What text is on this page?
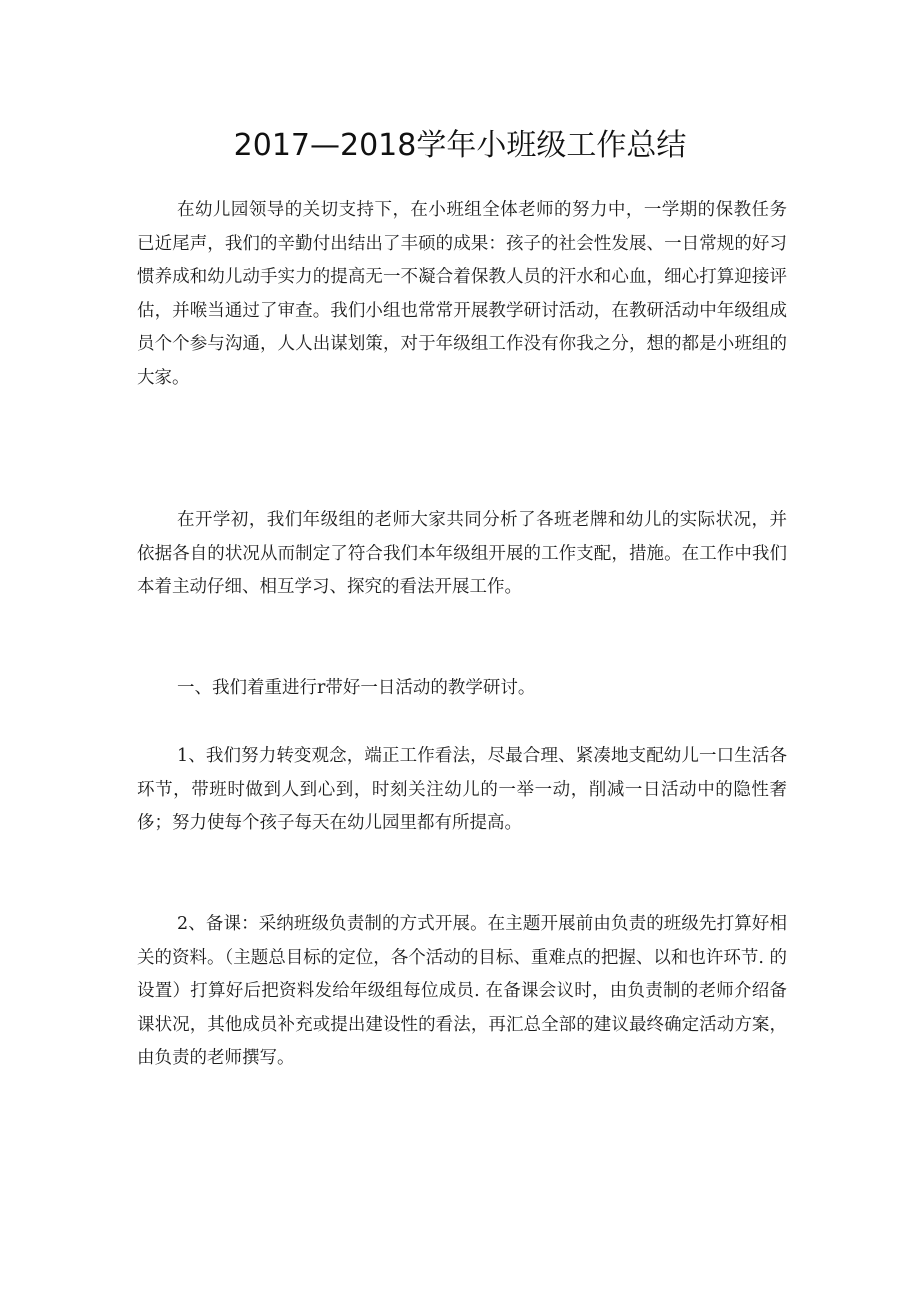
2017—2018学年小班级工作总结

在幼儿园领导的关切支持下，在小班组全体老师的努力中，一学期的保教任务已近尾声，我们的辛勤付出结出了丰硕的成果：孩子的社会性发展、一日常规的好习惯养成和幼儿动手实力的提高无一不凝合着保教人员的汗水和心血，细心打算迎接评估，并喉当通过了审查。我们小组也常常开展教学研讨活动，在教研活动中年级组成员个个参与沟通，人人出谋划策，对于年级组工作没有你我之分，想的都是小班组的大家。

在开学初，我们年级组的老师大家共同分析了各班老牌和幼儿的实际状况，并依据各自的状况从而制定了符合我们本年级组开展的工作支配，措施。在工作中我们本着主动仔细、相互学习、探究的看法开展工作。

一、我们着重进行r带好一日活动的教学研讨。

1、我们努力转变观念，端正工作看法，尽最合理、紧凑地支配幼儿一口生活各环节，带班时做到人到心到，时刻关注幼儿的一举一动，削减一日活动中的隐性奢侈；努力使每个孩子每天在幼儿园里都有所提高。

2、备课：采纳班级负责制的方式开展。在主题开展前由负责的班级先打算好相关的资料。（主题总目标的定位，各个活动的目标、重难点的把握、以和也许环节. 的设置）打算好后把资料发给年级组每位成员. 在备课会议时，由负责制的老师介绍备课状况，其他成员补充或提出建设性的看法，再汇总全部的建议最终确定活动方案，由负责的老师撰写。
